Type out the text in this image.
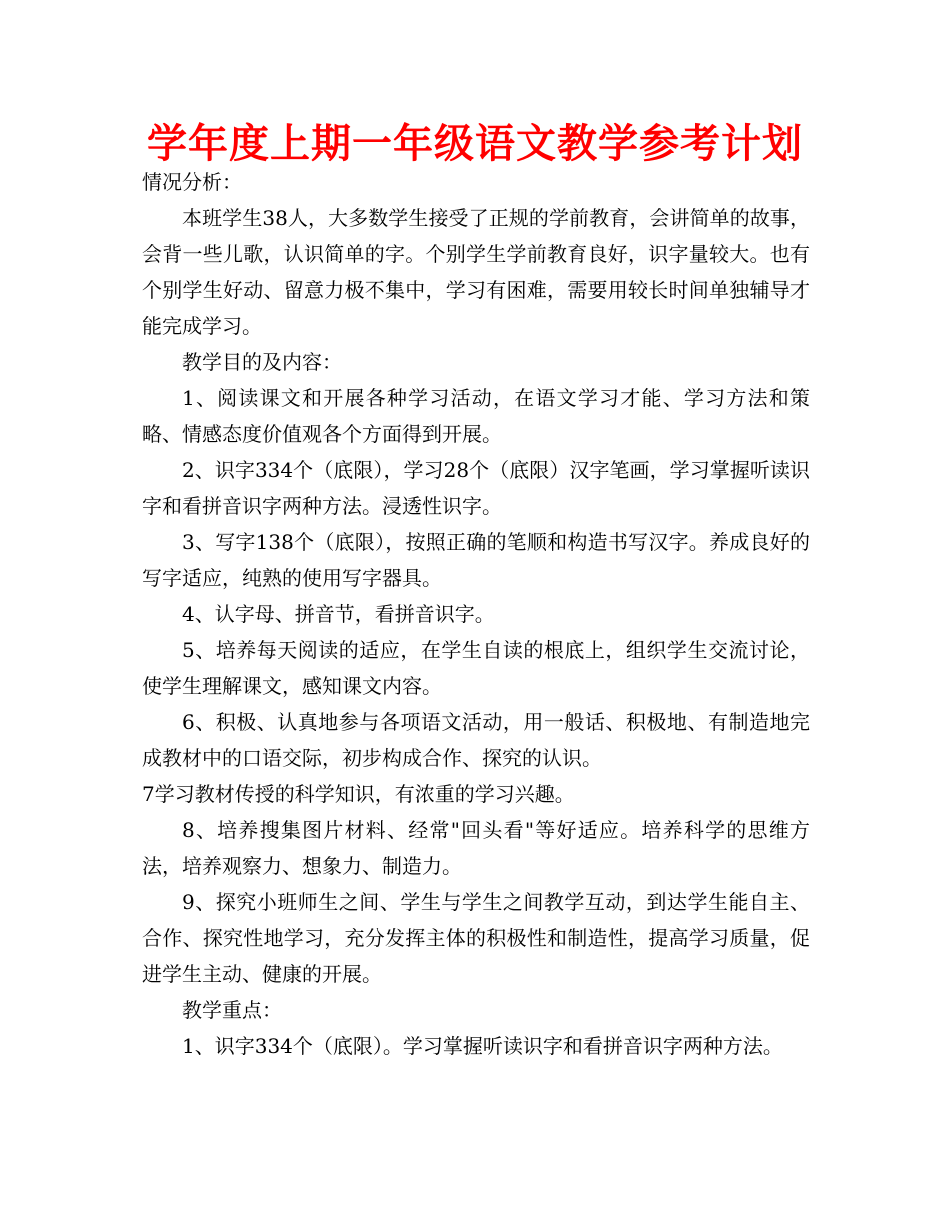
学年度上期一年级语文教学参考计划

情况分析：

本班学生38人，大多数学生接受了正规的学前教育，会讲简单的故事，会背一些儿歌，认识简单的字。个别学生学前教育良好，识字量较大。也有个别学生好动、留意力极不集中，学习有困难，需要用较长时间单独辅导才能完成学习。

教学目的及内容：

1、阅读课文和开展各种学习活动，在语文学习才能、学习方法和策略、情感态度价值观各个方面得到开展。

2、识字334个（底限），学习28个（底限）汉字笔画，学习掌握听读识字和看拼音识字两种方法。浸透性识字。

3、写字138个（底限），按照正确的笔顺和构造书写汉字。养成良好的写字适应，纯熟的使用写字器具。

4、认字母、拼音节，看拼音识字。

5、培养每天阅读的适应，在学生自读的根底上，组织学生交流讨论，使学生理解课文，感知课文内容。

6、积极、认真地参与各项语文活动，用一般话、积极地、有制造地完成教材中的口语交际，初步构成合作、探究的认识。

7学习教材传授的科学知识，有浓重的学习兴趣。

8、培养搜集图片材料、经常"回头看"等好适应。培养科学的思维方法，培养观察力、想象力、制造力。

9、探究小班师生之间、学生与学生之间教学互动，到达学生能自主、合作、探究性地学习，充分发挥主体的积极性和制造性，提高学习质量，促进学生主动、健康的开展。

教学重点：

1、识字334个（底限）。学习掌握听读识字和看拼音识字两种方法。
